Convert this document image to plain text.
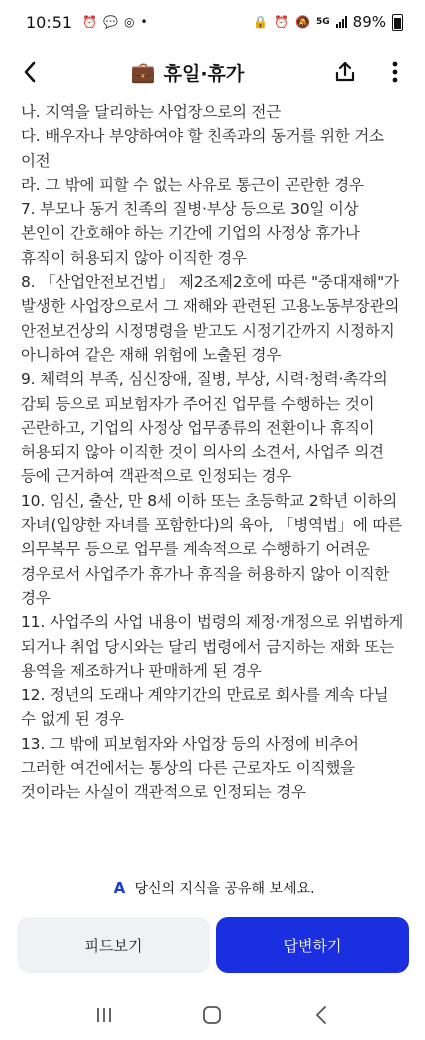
10:51 ⏰ 💬 ◎ •	🔒 ⏰ 🔕 5G 89%
💼 휴일·휴가

나. 지역을 달리하는 사업장으로의 전근

다. 배우자나 부양하여야 할 친족과의 동거를 위한 거소 이전

라. 그 밖에 피할 수 없는 사유로 통근이 곤란한 경우

7. 부모나 동거 친족의 질병·부상 등으로 30일 이상 본인이 간호해야 하는 기간에 기업의 사정상 휴가나 휴직이 허용되지 않아 이직한 경우

8. 「산업안전보건법」 제2조제2호에 따른 "중대재해"가 발생한 사업장으로서 그 재해와 관련된 고용노동부장관의 안전보건상의 시정명령을 받고도 시정기간까지 시정하지 아니하여 같은 재해 위험에 노출된 경우

9. 체력의 부족, 심신장애, 질병, 부상, 시력·청력·촉각의 감퇴 등으로 피보험자가 주어진 업무를 수행하는 것이 곤란하고, 기업의 사정상 업무종류의 전환이나 휴직이 허용되지 않아 이직한 것이 의사의 소견서, 사업주 의견 등에 근거하여 객관적으로 인정되는 경우

10. 임신, 출산, 만 8세 이하 또는 초등학교 2학년 이하의 자녀(입양한 자녀를 포함한다)의 육아, 「병역법」에 따른 의무복무 등으로 업무를 계속적으로 수행하기 어려운 경우로서 사업주가 휴가나 휴직을 허용하지 않아 이직한 경우

11. 사업주의 사업 내용이 법령의 제정·개정으로 위법하게 되거나 취업 당시와는 달리 법령에서 금지하는 재화 또는 용역을 제조하거나 판매하게 된 경우

12. 정년의 도래나 계약기간의 만료로 회사를 계속 다닐 수 없게 된 경우

13. 그 밖에 피보험자와 사업장 등의 사정에 비추어 그러한 여건에서는 통상의 다른 근로자도 이직했을 것이라는 사실이 객관적으로 인정되는 경우

A 당신의 지식을 공유해 보세요.
피드보기	답변하기
